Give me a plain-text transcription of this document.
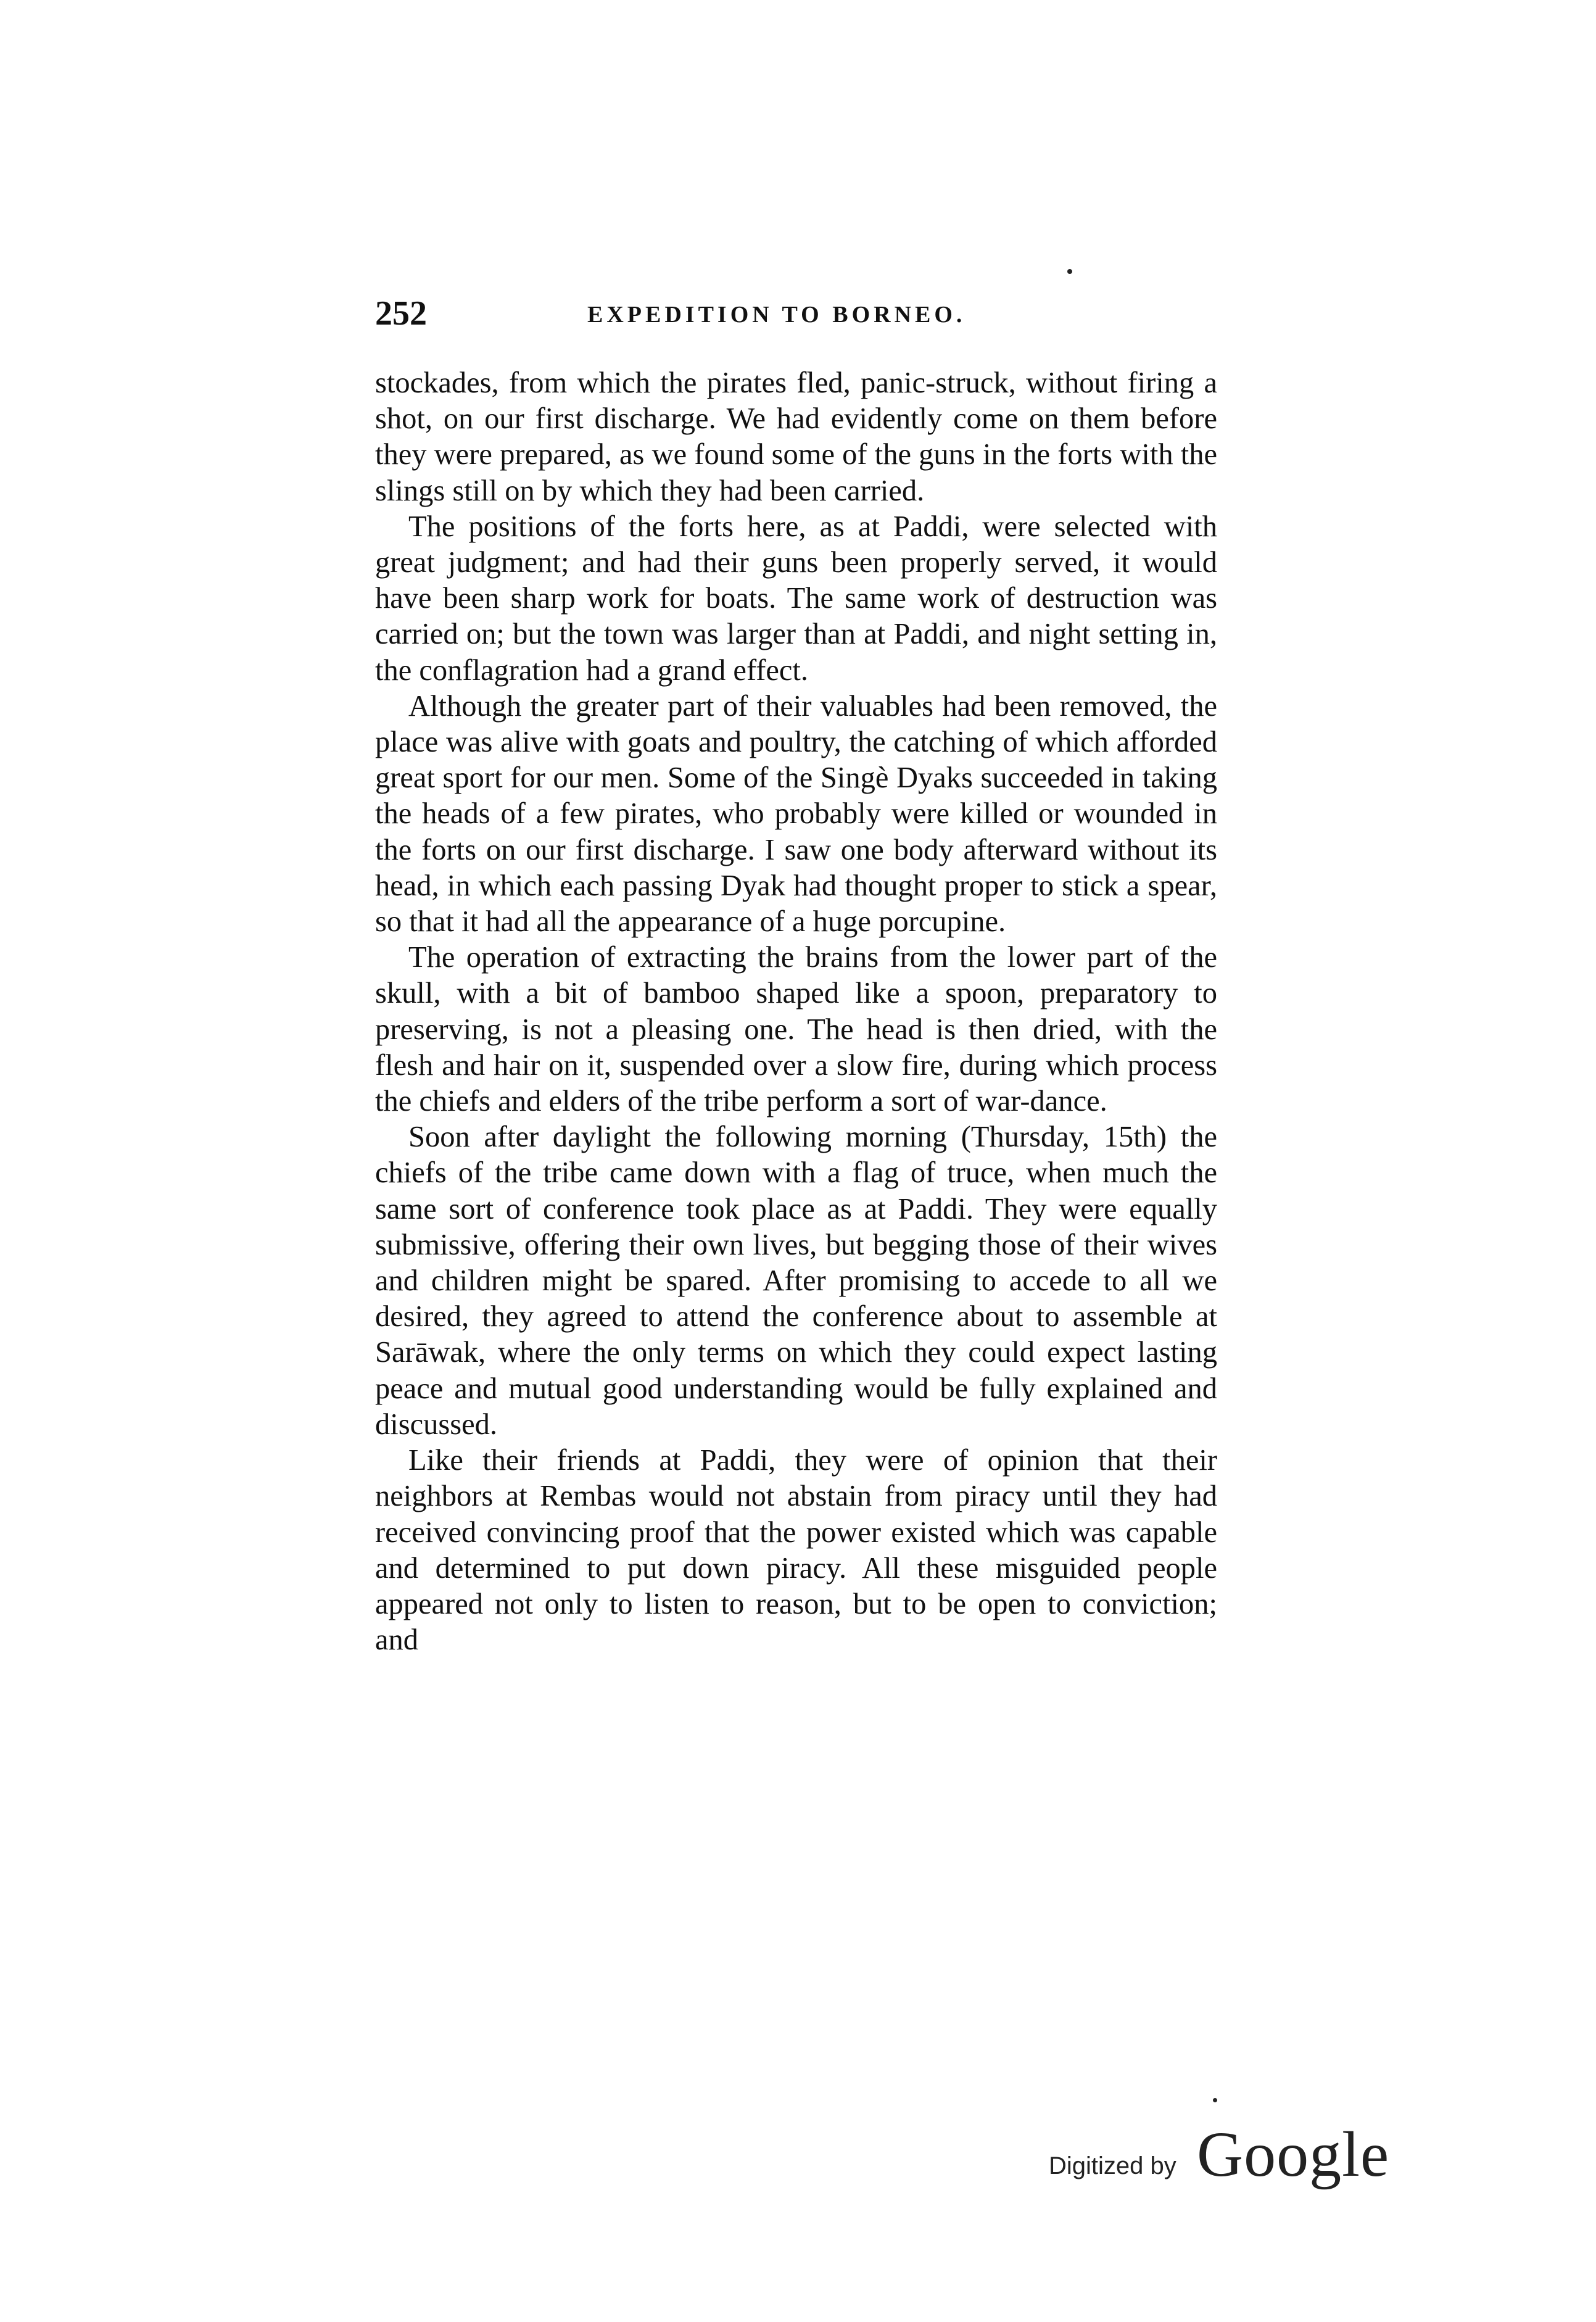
252	EXPEDITION TO BORNEO.

stockades, from which the pirates fled, panic-struck, without firing a shot, on our first discharge. We had evidently come on them before they were prepared, as we found some of the guns in the forts with the slings still on by which they had been carried.

The positions of the forts here, as at Paddi, were selected with great judgment; and had their guns been properly served, it would have been sharp work for boats. The same work of destruction was carried on; but the town was larger than at Paddi, and night setting in, the conflagration had a grand effect.

Although the greater part of their valuables had been removed, the place was alive with goats and poultry, the catching of which afforded great sport for our men. Some of the Singè Dyaks succeeded in taking the heads of a few pirates, who probably were killed or wounded in the forts on our first discharge. I saw one body afterward without its head, in which each passing Dyak had thought proper to stick a spear, so that it had all the appearance of a huge porcupine.

The operation of extracting the brains from the lower part of the skull, with a bit of bamboo shaped like a spoon, preparatory to preserving, is not a pleasing one. The head is then dried, with the flesh and hair on it, suspended over a slow fire, during which process the chiefs and elders of the tribe perform a sort of war-dance.

Soon after daylight the following morning (Thursday, 15th) the chiefs of the tribe came down with a flag of truce, when much the same sort of conference took place as at Paddi. They were equally submissive, offering their own lives, but begging those of their wives and children might be spared. After promising to accede to all we desired, they agreed to attend the conference about to assemble at Sarāwak, where the only terms on which they could expect lasting peace and mutual good understanding would be fully explained and discussed.

Like their friends at Paddi, they were of opinion that their neighbors at Rembas would not abstain from piracy until they had received convincing proof that the power existed which was capable and determined to put down piracy. All these misguided people appeared not only to listen to reason, but to be open to conviction; and

Digitized by Google
